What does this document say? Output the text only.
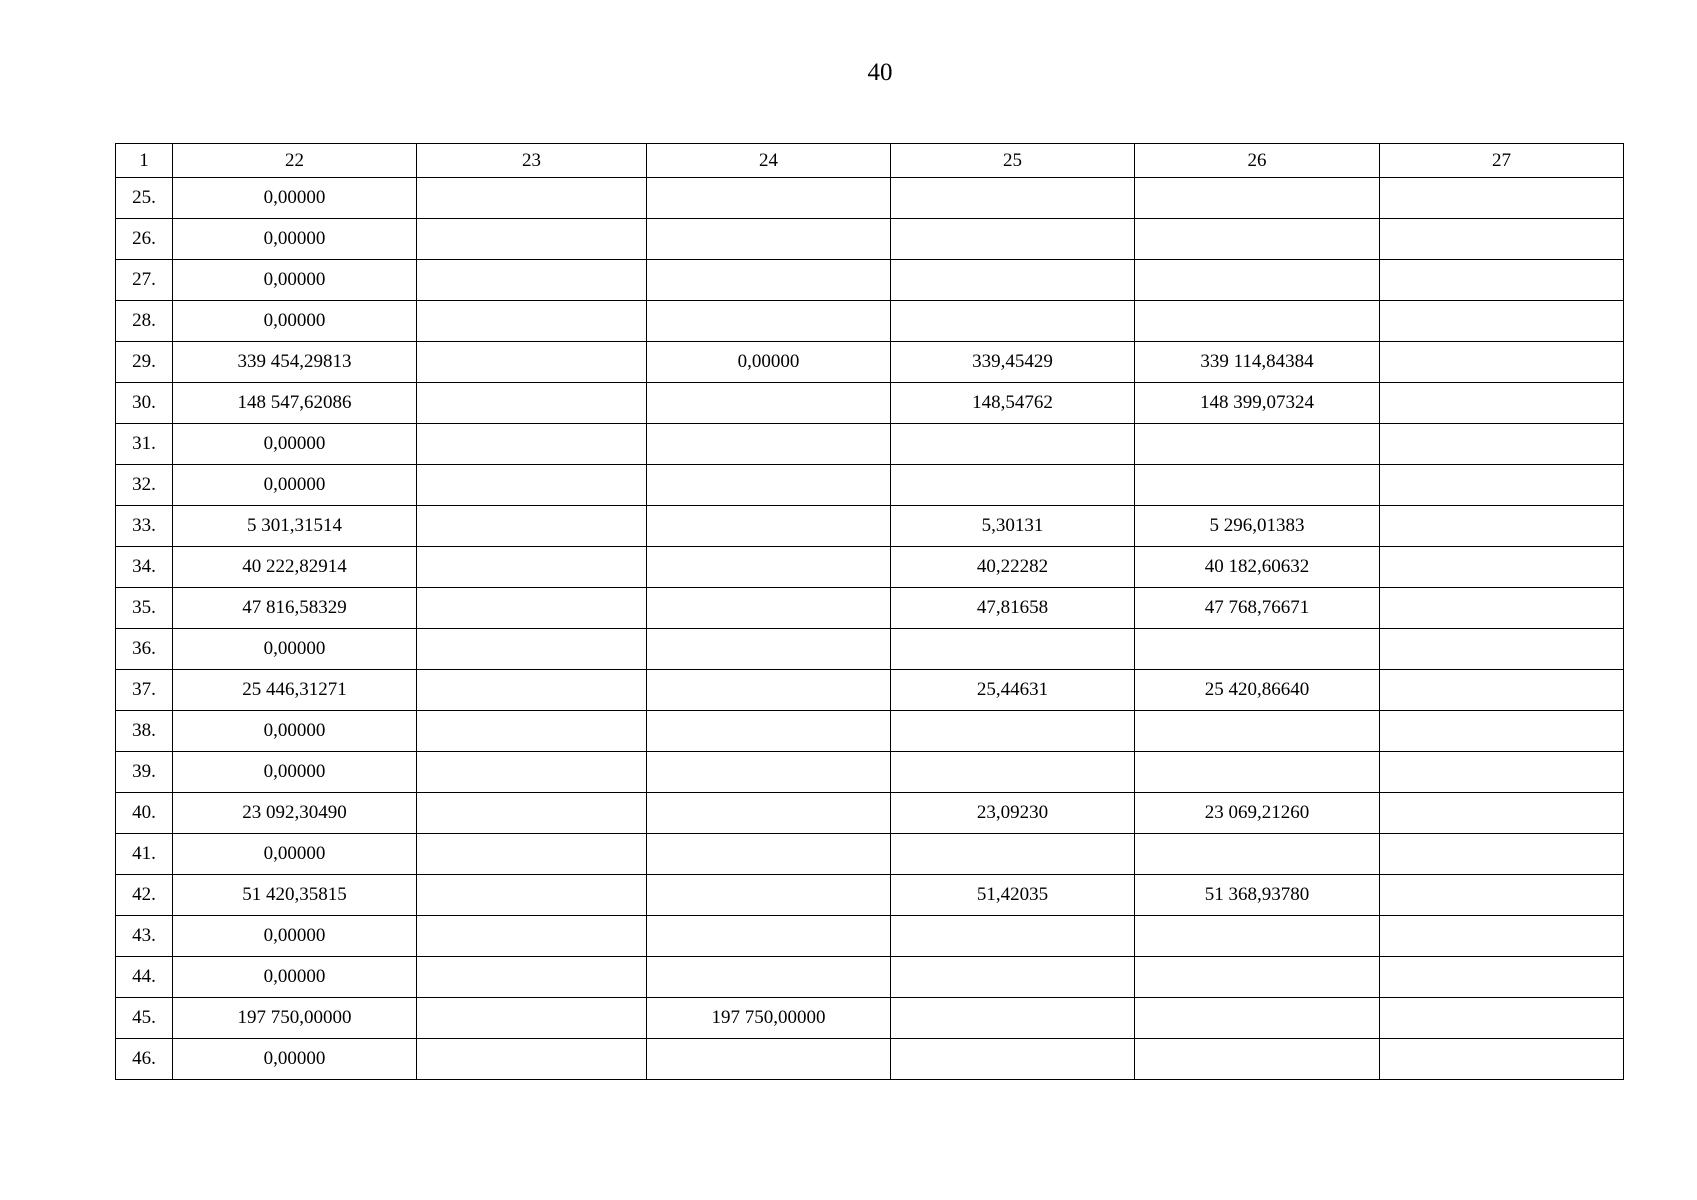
40
1	22	23	24	25	26	27
25.	0,00000					
26.	0,00000					
27.	0,00000					
28.	0,00000					
29.	339 454,29813		0,00000	339,45429	339 114,84384	
30.	148 547,62086			148,54762	148 399,07324	
31.	0,00000					
32.	0,00000					
33.	5 301,31514			5,30131	5 296,01383	
34.	40 222,82914			40,22282	40 182,60632	
35.	47 816,58329			47,81658	47 768,76671	
36.	0,00000					
37.	25 446,31271			25,44631	25 420,86640	
38.	0,00000					
39.	0,00000					
40.	23 092,30490			23,09230	23 069,21260	
41.	0,00000					
42.	51 420,35815			51,42035	51 368,93780	
43.	0,00000					
44.	0,00000					
45.	197 750,00000		197 750,00000			
46.	0,00000					
